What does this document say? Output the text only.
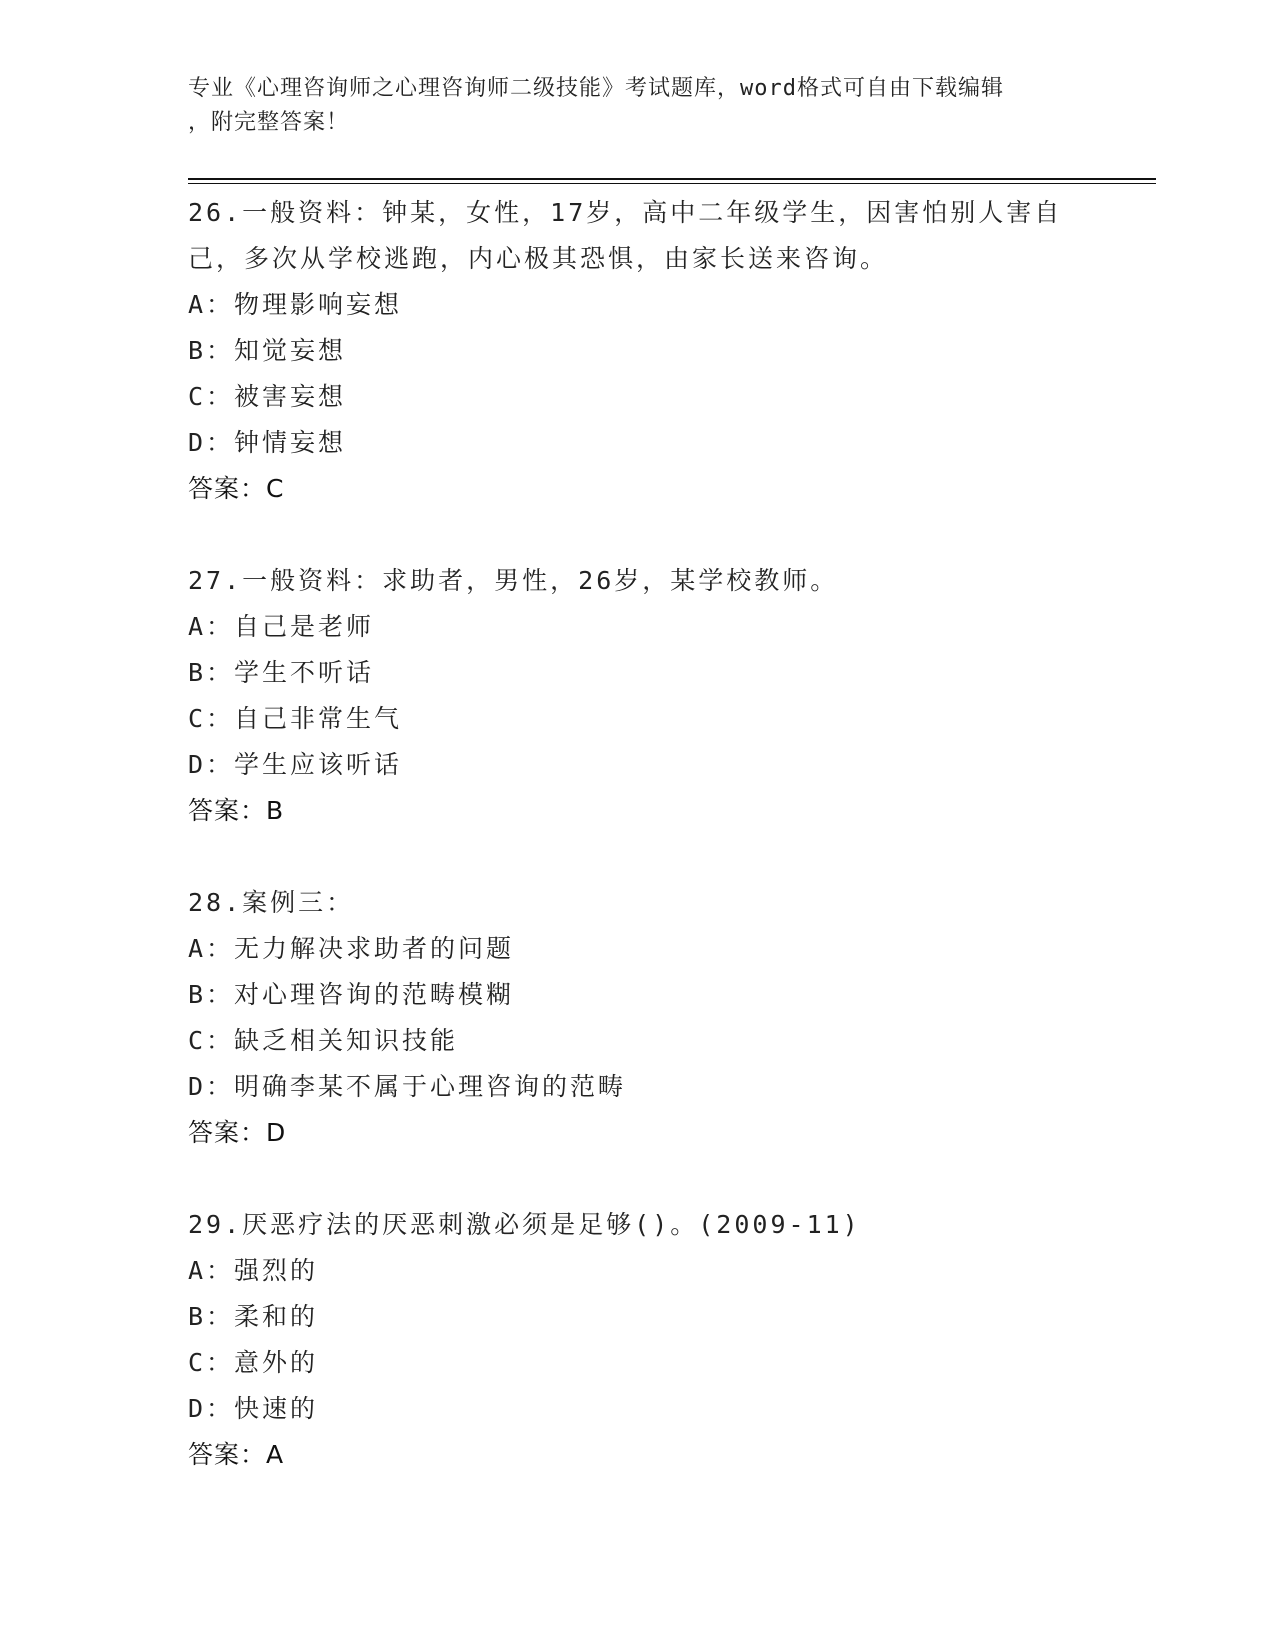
专业《心理咨询师之心理咨询师二级技能》考试题库，word格式可自由下载编辑
，附完整答案！
26.一般资料：钟某，女性，17岁，高中二年级学生，因害怕别人害自
己，多次从学校逃跑，内心极其恐惧，由家长送来咨询。
A：物理影响妄想
B：知觉妄想
C：被害妄想
D：钟情妄想
答案：C
27.一般资料：求助者，男性，26岁，某学校教师。
A：自己是老师
B：学生不听话
C：自己非常生气
D：学生应该听话
答案：B
28.案例三：
A：无力解决求助者的问题
B：对心理咨询的范畴模糊
C：缺乏相关知识技能
D：明确李某不属于心理咨询的范畴
答案：D
29.厌恶疗法的厌恶刺激必须是足够()。(2009-11)
A：强烈的
B：柔和的
C：意外的
D：快速的
答案：A
